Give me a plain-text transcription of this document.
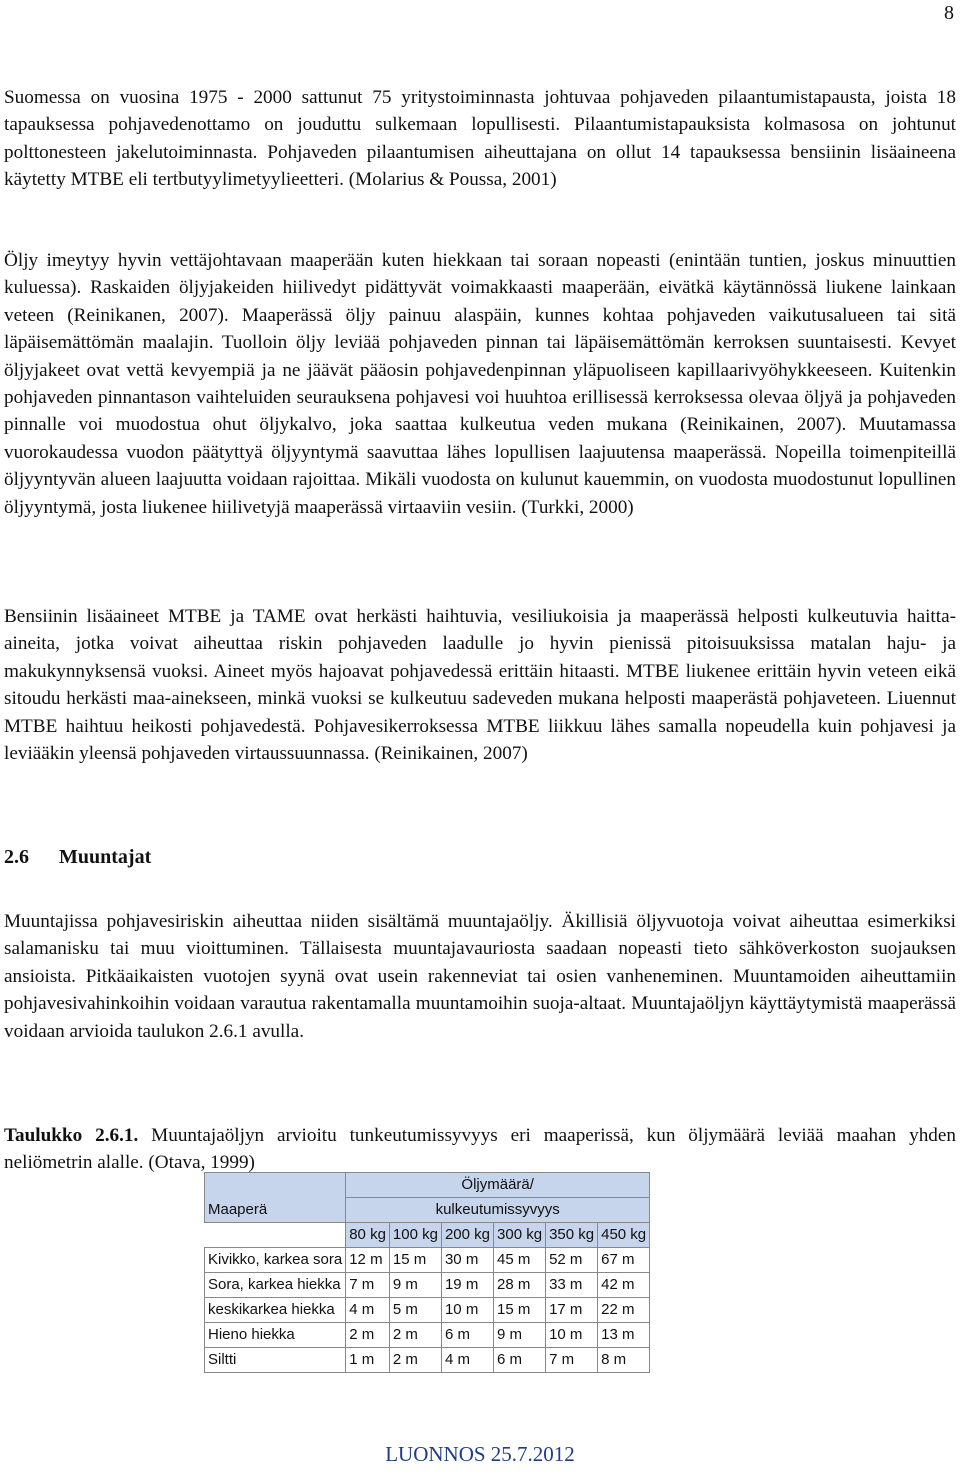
8

Suomessa on vuosina 1975 - 2000 sattunut 75 yritystoiminnasta johtuvaa pohjaveden pilaantumistapausta, joista 18 tapauksessa pohjavedenottamo on jouduttu sulkemaan lopullisesti. Pilaantumistapauksista kolmasosa on johtunut polttonesteen jakelutoiminnasta. Pohjaveden pilaantumisen aiheuttajana on ollut 14 tapauksessa bensiinin lisäaineena käytetty MTBE eli tertbutyylimetyylieetteri. (Molarius & Poussa, 2001)

Öljy imeytyy hyvin vettäjohtavaan maaperään kuten hiekkaan tai soraan nopeasti (enintään tuntien, joskus minuuttien kuluessa). Raskaiden öljyjakeiden hiilivedyt pidättyvät voimakkaasti maaperään, eivätkä käytännössä liukene lainkaan veteen (Reinikanen, 2007). Maaperässä öljy painuu alaspäin, kunnes kohtaa pohjaveden vaikutusalueen tai sitä läpäisemättömän maalajin. Tuolloin öljy leviää pohjaveden pinnan tai läpäisemättömän kerroksen suuntaisesti. Kevyet öljyjakeet ovat vettä kevyempiä ja ne jäävät pääosin pohjavedenpinnan yläpuoliseen kapillaarivyöhykkeeseen. Kuitenkin pohjaveden pinnantason vaihteluiden seurauksena pohjavesi voi huuhtoa erillisessä kerroksessa olevaa öljyä ja pohjaveden pinnalle voi muodostua ohut öljykalvo, joka saattaa kulkeutua veden mukana (Reinikainen, 2007). Muutamassa vuorokaudessa vuodon päätyttyä öljyyntymä saavuttaa lähes lopullisen laajuutensa maaperässä. Nopeilla toimenpiteillä öljyyntyvän alueen laajuutta voidaan rajoittaa. Mikäli vuodosta on kulunut kauemmin, on vuodosta muodostunut lopullinen öljyyntymä, josta liukenee hiilivetyjä maaperässä virtaaviin vesiin. (Turkki, 2000)

Bensiinin lisäaineet MTBE ja TAME ovat herkästi haihtuvia, vesiliukoisia ja maaperässä helposti kulkeutuvia haitta-aineita, jotka voivat aiheuttaa riskin pohjaveden laadulle jo hyvin pienissä pitoisuuksissa matalan haju- ja makukynnyksensä vuoksi. Aineet myös hajoavat pohjavedessä erittäin hitaasti. MTBE liukenee erittäin hyvin veteen eikä sitoudu herkästi maa-ainekseen, minkä vuoksi se kulkeutuu sadeveden mukana helposti maaperästä pohjaveteen. Liuennut MTBE haihtuu heikosti pohjavedestä. Pohjavesikerroksessa MTBE liikkuu lähes samalla nopeudella kuin pohjavesi ja leviääkin yleensä pohjaveden virtaussuunnassa. (Reinikainen, 2007)

2.6 Muuntajat

Muuntajissa pohjavesiriskin aiheuttaa niiden sisältämä muuntajaöljy. Äkillisiä öljyvuotoja voivat aiheuttaa esimerkiksi salamanisku tai muu vioittuminen. Tällaisesta muuntajavauriosta saadaan nopeasti tieto sähköverkoston suojauksen ansioista. Pitkäaikaisten vuotojen syynä ovat usein rakenneviat tai osien vanheneminen. Muuntamoiden aiheuttamiin pohjavesivahinkoihin voidaan varautua rakentamalla muuntamoihin suoja-altaat. Muuntajaöljyn käyttäytymistä maaperässä voidaan arvioida taulukon 2.6.1 avulla.

Taulukko 2.6.1. Muuntajaöljyn arvioitu tunkeutumissyvyys eri maaperissä, kun öljymäärä leviää maahan yhden neliömetrin alalle. (Otava, 1999)

Maaperä	Öljymäärä/					
	kulkeutumissyvyys					
	80 kg	100 kg	200 kg	300 kg	350 kg	450 kg
Kivikko, karkea sora	12 m	15 m	30 m	45 m	52 m	67 m
Sora, karkea hiekka	7 m	9 m	19 m	28 m	33 m	42 m
keskikarkea hiekka	4 m	5 m	10 m	15 m	17 m	22 m
Hieno hiekka	2 m	2 m	6 m	9 m	10 m	13 m
Siltti	1 m	2 m	4 m	6 m	7 m	8 m
LUONNOS 25.7.2012
